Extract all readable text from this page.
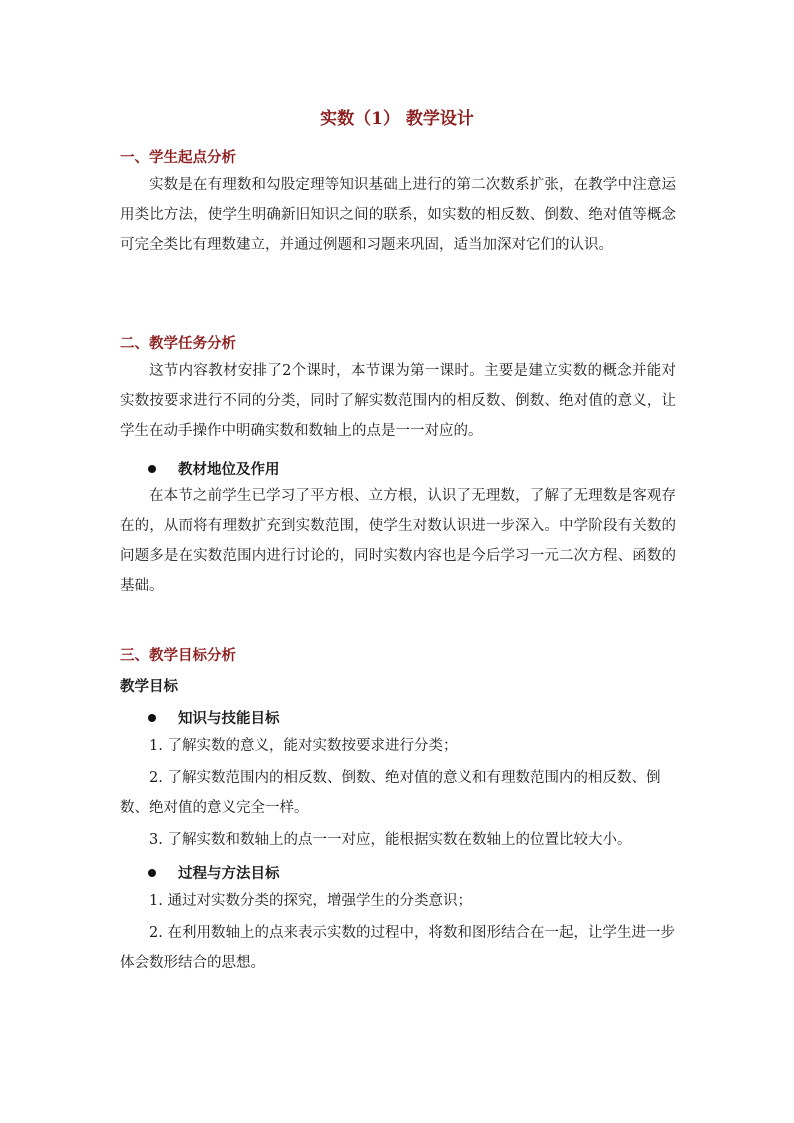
实数（1） 教学设计
一、学生起点分析

实数是在有理数和勾股定理等知识基础上进行的第二次数系扩张，在教学中注意运用类比方法，使学生明确新旧知识之间的联系，如实数的相反数、倒数、绝对值等概念可完全类比有理数建立，并通过例题和习题来巩固，适当加深对它们的认识。

二、教学任务分析

这节内容教材安排了2个课时，本节课为第一课时。主要是建立实数的概念并能对实数按要求进行不同的分类，同时了解实数范围内的相反数、倒数、绝对值的意义，让学生在动手操作中明确实数和数轴上的点是一一对应的。

教材地位及作用

在本节之前学生已学习了平方根、立方根，认识了无理数，了解了无理数是客观存在的，从而将有理数扩充到实数范围，使学生对数认识进一步深入。中学阶段有关数的问题多是在实数范围内进行讨论的，同时实数内容也是今后学习一元二次方程、函数的基础。

三、教学目标分析
教学目标
知识与技能目标

1. 了解实数的意义，能对实数按要求进行分类；

2. 了解实数范围内的相反数、倒数、绝对值的意义和有理数范围内的相反数、倒数、绝对值的意义完全一样。

3. 了解实数和数轴上的点一一对应，能根据实数在数轴上的位置比较大小。

过程与方法目标

1. 通过对实数分类的探究，增强学生的分类意识；

2. 在利用数轴上的点来表示实数的过程中，将数和图形结合在一起，让学生进一步体会数形结合的思想。
